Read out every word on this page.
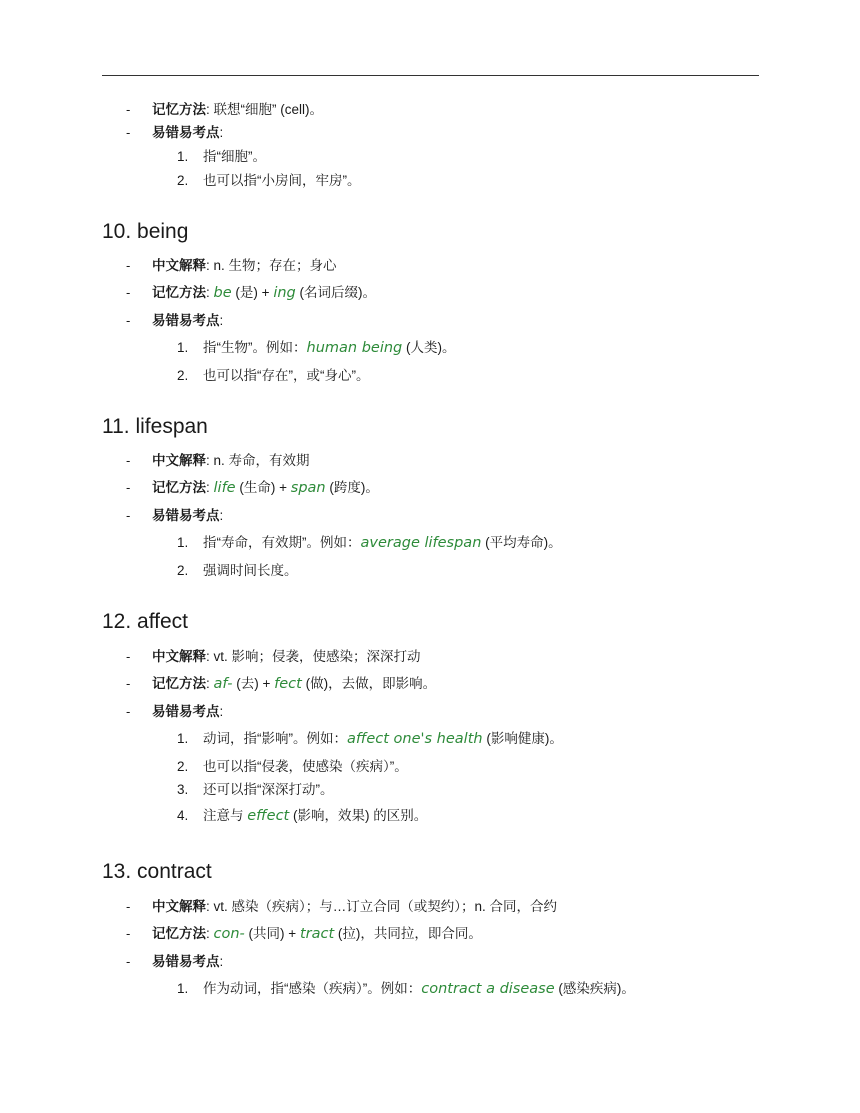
- 记忆方法: 联想“细胞” (cell)。
- 易错易考点:
1. 指“细胞”。
2. 也可以指“小房间，牢房”。
10. being
- 中文解释: n. 生物；存在；身心
- 记忆方法: be (是) + ing (名词后缀)。
- 易错易考点:
1. 指“生物”。例如：human being (人类)。
2. 也可以指“存在”，或“身心”。
11. lifespan
- 中文解释: n. 寿命，有效期
- 记忆方法: life (生命) + span (跨度)。
- 易错易考点:
1. 指“寿命，有效期”。例如：average lifespan (平均寿命)。
2. 强调时间长度。
12. affect
- 中文解释: vt. 影响；侵袭，使感染；深深打动
- 记忆方法: af- (去) + fect (做)，去做，即影响。
- 易错易考点:
1. 动词，指“影响”。例如：affect one's health (影响健康)。
2. 也可以指“侵袭，使感染（疾病）”。
3. 还可以指“深深打动”。
4. 注意与 effect (影响，效果) 的区别。
13. contract
- 中文解释: vt. 感染（疾病）；与…订立合同（或契约）；n. 合同，合约
- 记忆方法: con- (共同) + tract (拉)，共同拉，即合同。
- 易错易考点:
1. 作为动词，指“感染（疾病）”。例如：contract a disease (感染疾病)。
